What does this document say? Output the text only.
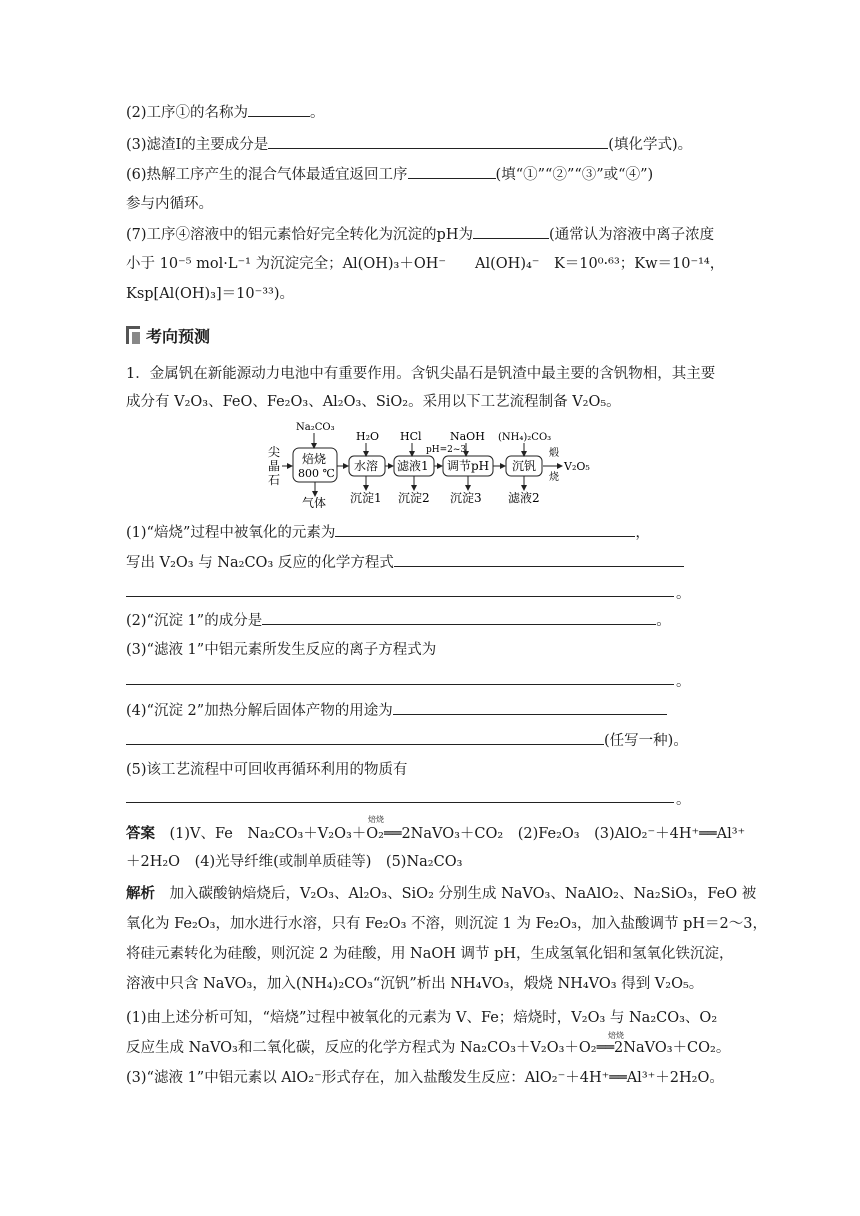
(2)工序①的名称为	。
(3)滤渣Ⅰ的主要成分是	(填化学式)。
(6)热解工序产生的混合气体最适宜返回工序	(填“①”“②”“③”或“④”)
参与内循环。
(7)工序④溶液中的铝元素恰好完全转化为沉淀的pH为	(通常认为溶液中离子浓度
小于 10⁻⁵ mol·L⁻¹ 为沉淀完全；Al(OH)₃＋OH⁻　　Al(OH)₄⁻　K＝10⁰·⁶³；Kw＝10⁻¹⁴，
Ksp[Al(OH)₃]＝10⁻³³)。
考向预测
1．金属钒在新能源动力电池中有重要作用。含钒尖晶石是钒渣中最主要的含钒物相，其主要
成分有 V₂O₃、FeO、Fe₂O₃、Al₂O₃、SiO₂。采用以下工艺流程制备 V₂O₅。
尖
晶
石
Na₂CO₃
焙烧
800 ℃
气体
H₂O
水溶
沉淀1
HCl
滤液1
沉淀2
pH=2~3
NaOH
调节pH
沉淀3
(NH₄)₂CO₃
沉钒
滤液2
煅
烧
V₂O₅
(1)“焙烧”过程中被氧化的元素为	，
写出 V₂O₃ 与 Na₂CO₃ 反应的化学方程式
。
(2)“沉淀 1”的成分是	。
(3)“滤液 1”中铝元素所发生反应的离子方程式为
。
(4)“沉淀 2”加热分解后固体产物的用途为
(任写一种)。
(5)该工艺流程中可回收再循环利用的物质有
。
答案　 (1)V、Fe　Na₂CO₃＋V₂O₃＋O₂══2NaVO₃＋CO₂　(2)Fe₂O₃　(3)AlO₂⁻＋4H⁺══Al³⁺
焙烧
＋2H₂O　(4)光导纤维(或制单质硅等)　(5)Na₂CO₃
解析　加入碳酸钠焙烧后，V₂O₃、Al₂O₃、SiO₂ 分别生成 NaVO₃、NaAlO₂、Na₂SiO₃，FeO 被
氧化为 Fe₂O₃，加水进行水溶，只有 Fe₂O₃ 不溶，则沉淀 1 为 Fe₂O₃，加入盐酸调节 pH＝2～3，
将硅元素转化为硅酸，则沉淀 2 为硅酸，用 NaOH 调节 pH，生成氢氧化铝和氢氧化铁沉淀，
溶液中只含 NaVO₃，加入(NH₄)₂CO₃“沉钒”析出 NH₄VO₃，煅烧 NH₄VO₃ 得到 V₂O₅。
(1)由上述分析可知，“焙烧”过程中被氧化的元素为 V、Fe；焙烧时，V₂O₃ 与 Na₂CO₃、O₂
反应生成 NaVO₃和二氧化碳，反应的化学方程式为 Na₂CO₃＋V₂O₃＋O₂══2NaVO₃＋CO₂。
焙烧
(3)“滤液 1”中铝元素以 AlO₂⁻形式存在，加入盐酸发生反应：AlO₂⁻＋4H⁺══Al³⁺＋2H₂O。
